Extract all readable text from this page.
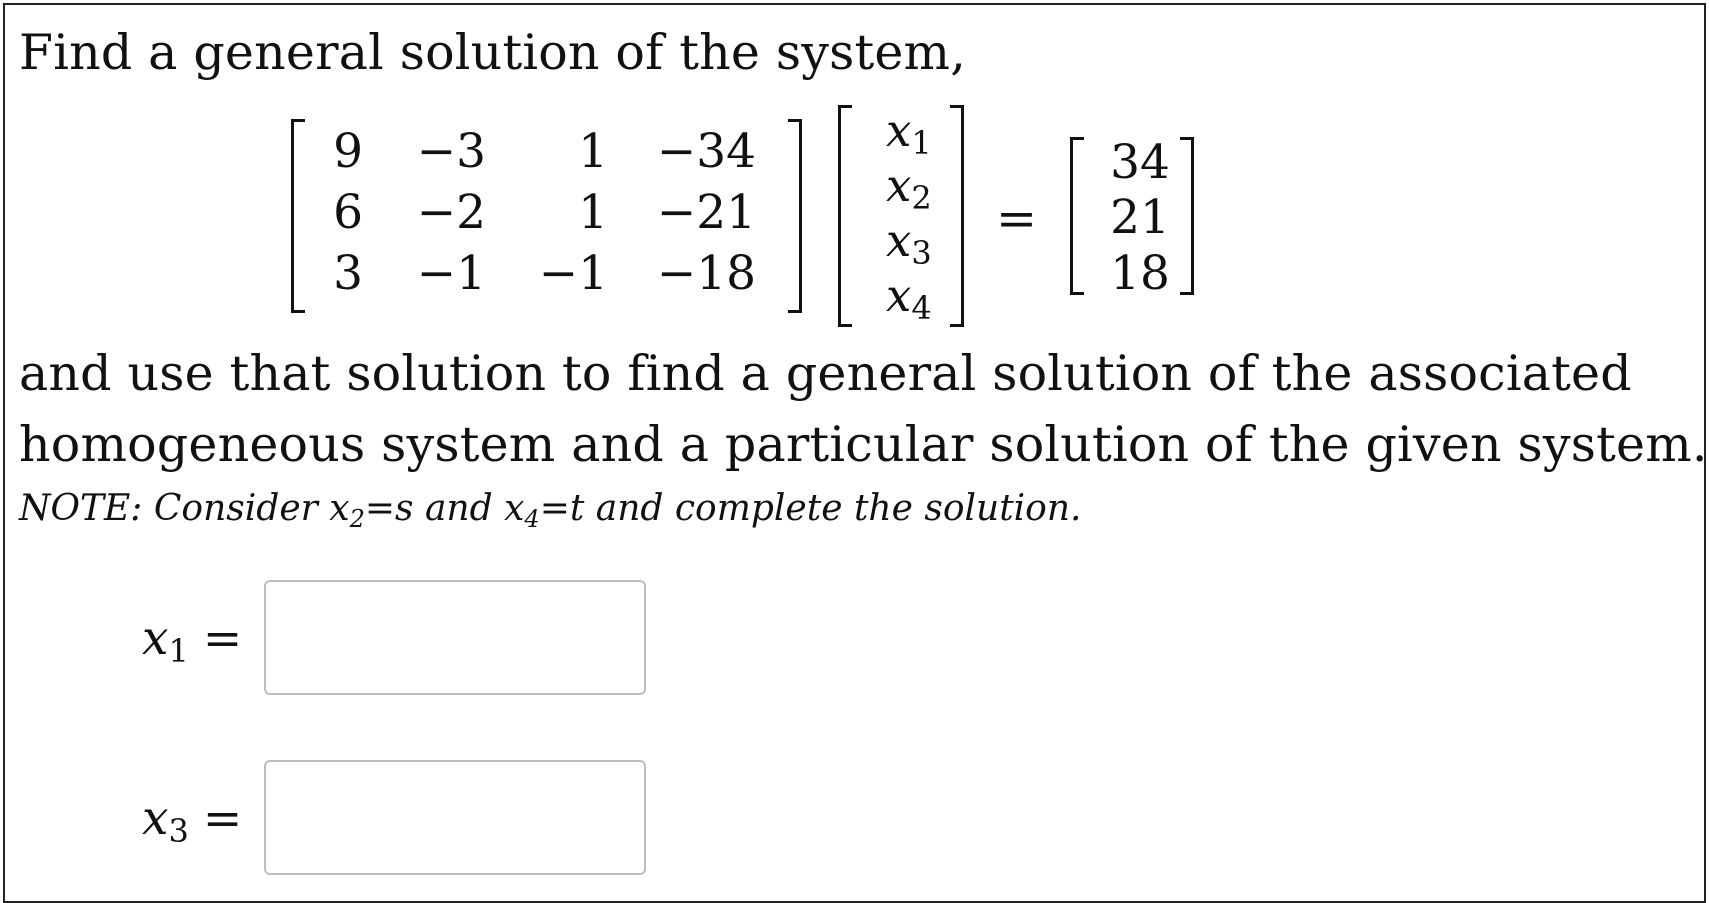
Find a general solution of the system,
9	−3	1	−34
6	−2	1	−21
3	−1	−1	−18
$x_1$
$x_2$
$x_3$
$x_4$
=
34
21
18
and use that solution to find a general solution of the associated
homogeneous system and a particular solution of the given system.
NOTE: Consider $x_2=s$ and $x_4=t$ and complete the solution.
$x_1$ =
$x_3$ =
